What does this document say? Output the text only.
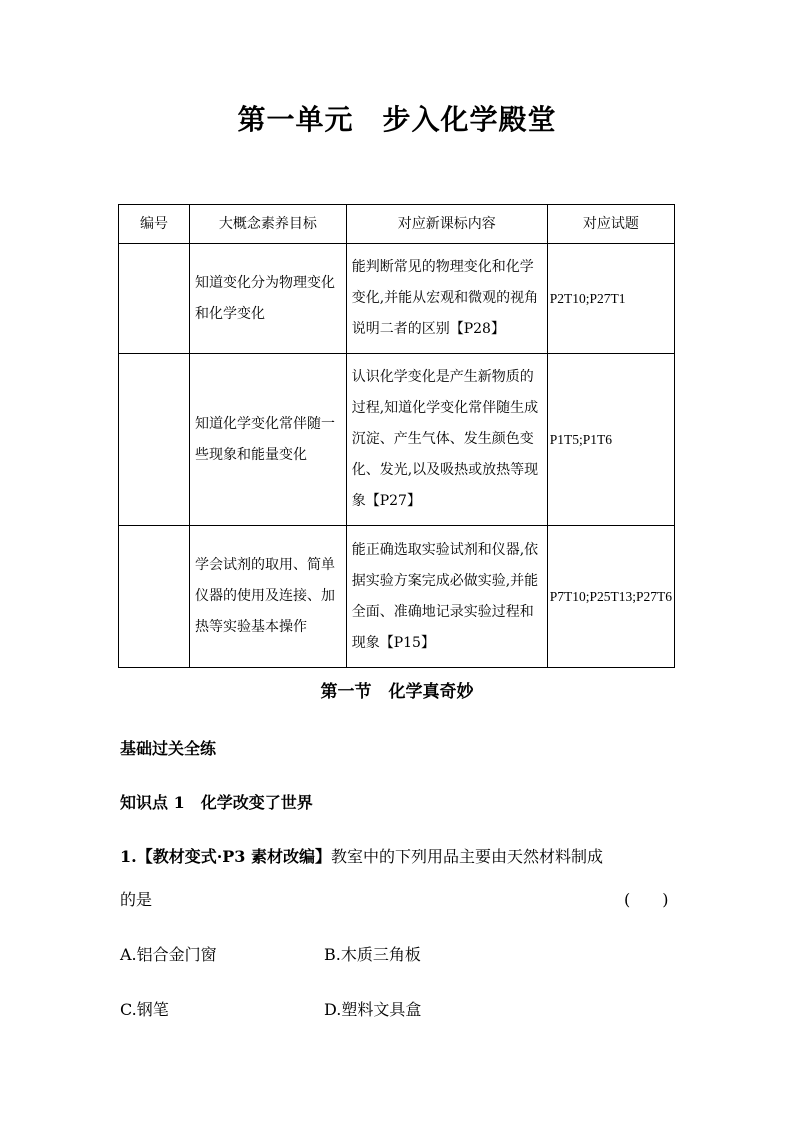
第一单元　步入化学殿堂
编号	大概念素养目标	对应新课标内容	对应试题
	知道变化分为物理变化和化学变化	能判断常见的物理变化和化学变化,并能从宏观和微观的视角说明二者的区别【P28】	P2T10;P27T1
	知道化学变化常伴随一些现象和能量变化	认识化学变化是产生新物质的过程,知道化学变化常伴随生成沉淀、产生气体、发生颜色变化、发光,以及吸热或放热等现象【P27】	P1T5;P1T6
	学会试剂的取用、简单仪器的使用及连接、加热等实验基本操作	能正确选取实验试剂和仪器,依据实验方案完成必做实验,并能全面、准确地记录实验过程和现象【P15】	P7T10;P25T13;P27T6
第一节　化学真奇妙
基础过关全练
知识点 1　化学改变了世界
1.【教材变式·P3 素材改编】教室中的下列用品主要由天然材料制成
的是	(　　)
A.铝合金门窗	B.木质三角板
C.钢笔	D.塑料文具盒
